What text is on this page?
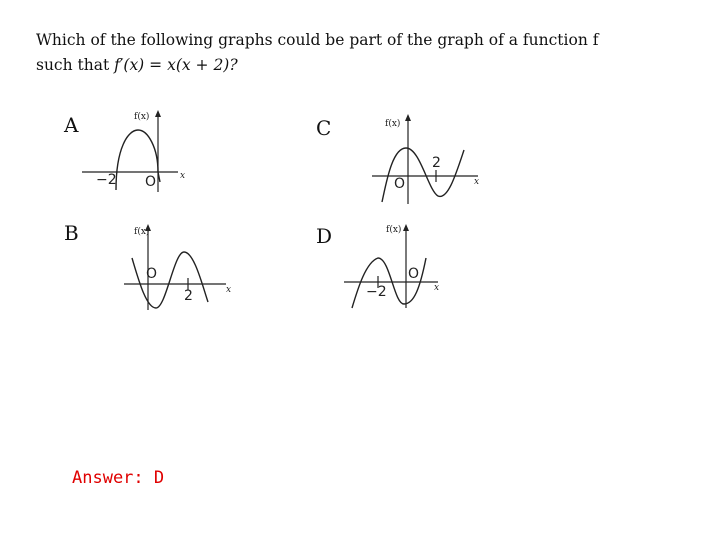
Which of the following graphs could be part of the graph of a function f
such that f′(x) = x(x + 2)?
A	f(x)
x
−2 O
C	f(x)
x
2
O
B	f(x)
x
2
O
D	f(x)
x
−2
O
Answer: D
